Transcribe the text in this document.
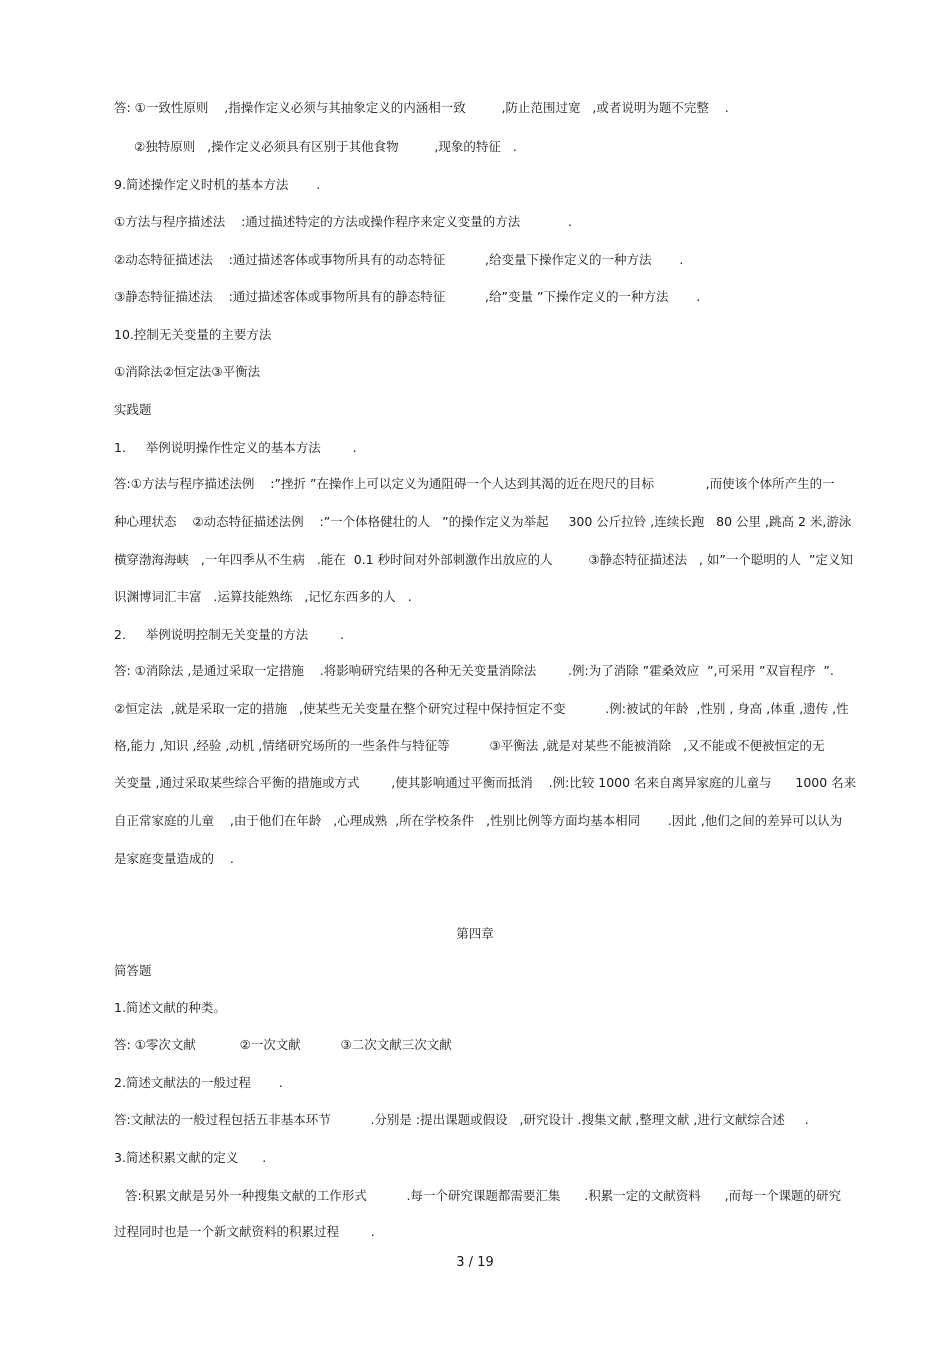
答: ①一致性原则    ,指操作定义必须与其抽象定义的内涵相一致         ,防止范围过宽   ,或者说明为题不完整    .
②独特原则   ,操作定义必须具有区别于其他食物         ,现象的特征   .
9.简述操作定义时机的基本方法       .
①方法与程序描述法    :通过描述特定的方法或操作程序来定义变量的方法            .
②动态特征描述法    :通过描述客体或事物所具有的动态特征          ,给变量下操作定义的一种方法       .
③静态特征描述法    :通过描述客体或事物所具有的静态特征          ,给”变量 ”下操作定义的一种方法       .
10.控制无关变量的主要方法
①消除法②恒定法③平衡法
实践题
1.     举例说明操作性定义的基本方法        .
答:①方法与程序描述法例    :”挫折 ”在操作上可以定义为通阻碍一个人达到其渴的近在咫尺的目标             ,而使该个体所产生的一
种心理状态    ②动态特征描述法例    :”一个体格健壮的人   ”的操作定义为举起     300 公斤拉铃 ,连续长跑   80 公里 ,跳高 2 米,游泳
横穿渤海海峡   ,一年四季从不生病   .能在  0.1 秒时间对外部刺激作出放应的人         ③静态特征描述法   , 如”一个聪明的人  ”定义知
识渊博词汇丰富   .运算技能熟练   ,记忆东西多的人   .
2.     举例说明控制无关变量的方法        .
答: ①消除法 ,是通过采取一定措施    .将影响研究结果的各种无关变量消除法        .例:为了消除 ”霍桑效应  ”,可采用 ”双盲程序  ”.
②恒定法  ,就是采取一定的措施   ,使某些无关变量在整个研究过程中保持恒定不变          .例:被试的年龄  ,性别 , 身高 ,体重 ,遗传 ,性
格,能力 ,知识 ,经验 ,动机 ,情绪研究场所的一些条件与特征等          ③平衡法 ,就是对某些不能被消除   ,又不能或不便被恒定的无
关变量 ,通过采取某些综合平衡的措施或方式        ,使其影响通过平衡而抵消    .例:比较 1000 名来自离异家庭的儿童与      1000 名来
自正常家庭的儿童    ,由于他们在年龄   ,心理成熟  ,所在学校条件   ,性别比例等方面均基本相同       .因此 ,他们之间的差异可以认为
是家庭变量造成的    .
第四章
简答题
1.简述文献的种类。
答: ①零次文献           ②一次文献          ③二次文献三次文献
2.简述文献法的一般过程       .
答:文献法的一般过程包括五非基本环节          .分别是 :提出课题或假设   ,研究设计 .搜集文献 ,整理文献 ,进行文献综合述     .
3.简述积累文献的定义      .
答:积累文献是另外一种搜集文献的工作形式          .每一个研究课题都需要汇集      .积累一定的文献资料      ,而每一个课题的研究
过程同时也是一个新文献资料的积累过程        .
3 / 19
